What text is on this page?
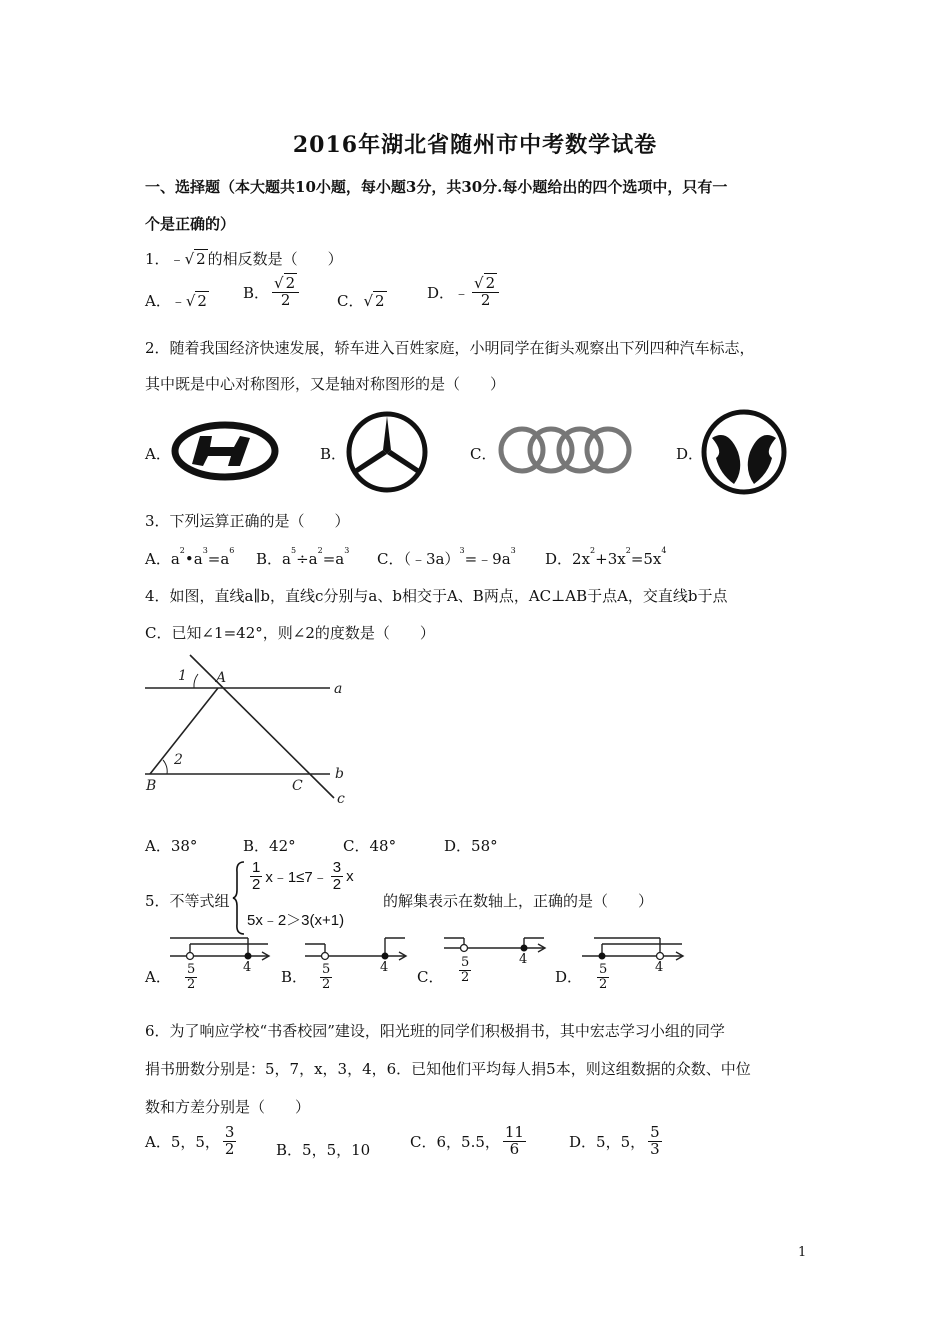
2016年湖北省随州市中考数学试卷
一、选择题（本大题共10小题，每小题3分，共30分.每小题给出的四个选项中，只有一
个是正确的）
1．﹣√ 2 的相反数是（　　）
A．﹣√ 2 B． $\frac{√ 2}{2}$	C．√ 2	D．﹣ $\frac{√ 2}{2}$
2．随着我国经济快速发展，轿车进入百姓家庭，小明同学在街头观察出下列四种汽车标志，
其中既是中心对称图形，又是轴对称图形的是（　　）
A．	B．	C．	D．
3．下列运算正确的是（　　）
A．$a^2•a^3=a^6$ B．$a^5\div a^2=a^3$ C．$(﹣3a)^3=﹣9a^3$ D．$2x^2+3x^2=5x^4$
4．如图，直线a∥b，直线c分别与a、b相交于A、B两点，AC⊥AB于点A，交直线b于点
C．已知∠1=42°，则∠2的度数是（　　）
1 A
a
2
B	C
b
c
A．38°	B．42°	C．48°	D．58°
5．不等式组
$\frac{1}{2}$ x﹣1≤7﹣ $\frac{3}{2}$ x
5x﹣2＞3(x+1)
的解集表示在数轴上，正确的是（　　）
A． $\frac{5}{2}$	4
B． $\frac{5}{2}$	4
C． $\frac{5}{2}$	4
D． $\frac{5}{2}$	4
6．为了响应学校“书香校园”建设，阳光班的同学们积极捐书，其中宏志学习小组的同学
捐书册数分别是：5，7，x，3，4，6．已知他们平均每人捐5本，则这组数据的众数、中位
数和方差分别是（　　）
A．5，5， $\frac{3}{2}$	B．5，5，10	C．6，5.5， $\frac{11}{6}$	D．5，5， $\frac{5}{3}$
1
